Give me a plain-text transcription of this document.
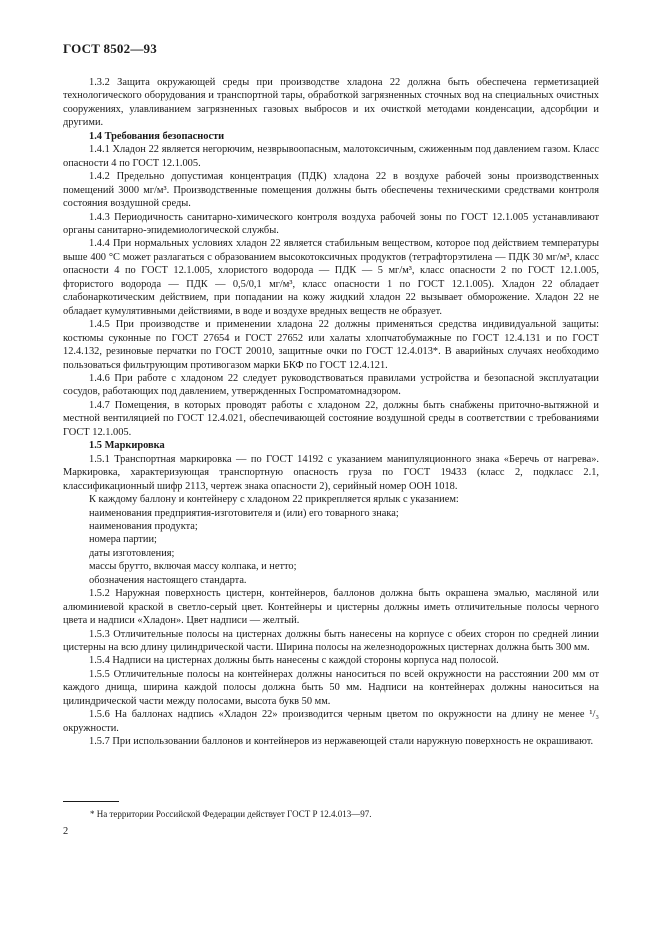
ГОСТ 8502—93

1.3.2 Защита окружающей среды при производстве хладона 22 должна быть обеспечена герметизацией технологического оборудования и транспортной тары, обработкой загрязненных сточных вод на специальных очистных сооружениях, улавливанием загрязненных газовых выбросов и их очисткой методами конденсации, адсорбции и другими.

1.4 Требования безопасности

1.4.1 Хладон 22 является негорючим, незврывоопасным, малотоксичным, сжиженным под давлением газом. Класс опасности 4 по ГОСТ 12.1.005.

1.4.2 Предельно допустимая концентрация (ПДК) хладона 22 в воздухе рабочей зоны производственных помещений 3000 мг/м³. Производственные помещения должны быть обеспечены техническими средствами контроля состояния воздушной среды.

1.4.3 Периодичность санитарно-химического контроля воздуха рабочей зоны по ГОСТ 12.1.005 устанавливают органы санитарно-эпидемиологической службы.

1.4.4 При нормальных условиях хладон 22 является стабильным веществом, которое под действием температуры выше 400 °С может разлагаться с образованием высокотоксичных продуктов (тетрафторэтилена — ПДК 30 мг/м³, класс опасности 4 по ГОСТ 12.1.005, хлористого водорода — ПДК — 5 мг/м³, класс опасности 2 по ГОСТ 12.1.005, фтористого водорода — ПДК — 0,5/0,1 мг/м³, класс опасности 1 по ГОСТ 12.1.005). Хладон 22 обладает слабонаркотическим действием, при попадании на кожу жидкий хладон 22 вызывает обморожение. Хладон 22 не обладает кумулятивными действиями, в воде и воздухе вредных веществ не образует.

1.4.5 При производстве и применении хладона 22 должны применяться средства индивидуальной защиты: костюмы суконные по ГОСТ 27654 и ГОСТ 27652 или халаты хлопчатобумажные по ГОСТ 12.4.131 и по ГОСТ 12.4.132, резиновые перчатки по ГОСТ 20010, защитные очки по ГОСТ 12.4.013*. В аварийных случаях необходимо пользоваться фильтрующим противогазом марки БКФ по ГОСТ 12.4.121.

1.4.6 При работе с хладоном 22 следует руководствоваться правилами устройства и безопасной эксплуатации сосудов, работающих под давлением, утвержденных Госпроматомнадзором.

1.4.7 Помещения, в которых проводят работы с хладоном 22, должны быть снабжены приточно-вытяжной и местной вентиляцией по ГОСТ 12.4.021, обеспечивающей состояние воздушной среды в соответствии с требованиями ГОСТ 12.1.005.

1.5 Маркировка

1.5.1 Транспортная маркировка — по ГОСТ 14192 с указанием манипуляционного знака «Беречь от нагрева». Маркировка, характеризующая транспортную опасность груза по ГОСТ 19433 (класс 2, подкласс 2.1, классификационный шифр 2113, чертеж знака опасности 2), серийный номер ООН 1018.

К каждому баллону и контейнеру с хладоном 22 прикрепляется ярлык с указанием:

наименования предприятия-изготовителя и (или) его товарного знака;

наименования продукта;

номера партии;

даты изготовления;

массы брутто, включая массу колпака, и нетто;

обозначения настоящего стандарта.

1.5.2 Наружная поверхность цистерн, контейнеров, баллонов должна быть окрашена эмалью, масляной или алюминиевой краской в светло-серый цвет. Контейнеры и цистерны должны иметь отличительные полосы черного цвета и надписи «Хладон». Цвет надписи — желтый.

1.5.3 Отличительные полосы на цистернах должны быть нанесены на корпусе с обеих сторон по средней линии цистерны на всю длину цилиндрической части. Ширина полосы на железнодорожных цистернах должна быть 300 мм.

1.5.4 Надписи на цистернах должны быть нанесены с каждой стороны корпуса над полосой.

1.5.5 Отличительные полосы на контейнерах должны наноситься по всей окружности на расстоянии 200 мм от каждого днища, ширина каждой полосы должна быть 50 мм. Надписи на контейнерах должны наноситься на цилиндрической части между полосами, высота букв 50 мм.

1.5.6 На баллонах надпись «Хладон 22» производится черным цветом по окружности на длину не менее ¹/₃ окружности.

1.5.7 При использовании баллонов и контейнеров из нержавеющей стали наружную поверхность не окрашивают.

* На территории Российской Федерации действует ГОСТ Р 12.4.013—97.
2
